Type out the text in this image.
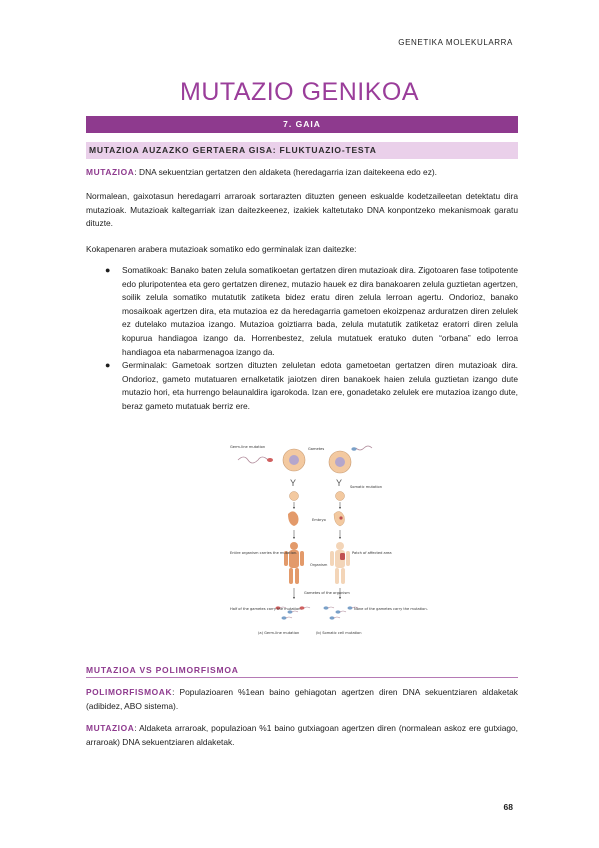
GENETIKA MOLEKULARRA
MUTAZIO GENIKOA
7. GAIA
MUTAZIOA AUZAZKO GERTAERA GISA: FLUKTUAZIO-TESTA
MUTAZIOA: DNA sekuentzian gertatzen den aldaketa (heredagarria izan daitekeena edo ez).
Normalean, gaixotasun heredagarri arraroak sortarazten dituzten geneen eskualde kodetzaileetan detektatu dira mutazioak. Mutazioak kaltegarriak izan daitezkeenez, izakiek kaltetutako DNA konpontzeko mekanismoak garatu dituzte.
Kokapenaren arabera mutazioak somatiko edo germinalak izan daitezke:
● Somatikoak: Banako baten zelula somatikoetan gertatzen diren mutazioak dira. Zigotoaren fase totipotente edo pluripotentea eta gero gertatzen direnez, mutazio hauek ez dira banakoaren zelula guztietan agertzen, soilik zelula somatiko mutatutik zatiketa bidez eratu diren zelula lerroan agertu. Ondorioz, banako mosaikoak agertzen dira, eta mutazioa ez da heredagarria gametoen ekoizpenaz arduratzen diren zelulek ez dutelako mutazioa izango. Mutazioa goiztiarra bada, zelula mutatutik zatiketaz eratorri diren zelula kopurua handiagoa izango da. Horrenbestez, zelula mutatuek eratuko duten “orbana” edo lerroa handiagoa eta nabarmenagoa izango da.
● Germinalak: Gametoak sortzen dituzten zeluletan edota gametoetan gertatzen diren mutazioak dira. Ondorioz, gameto mutatuaren ernalketatik jaiotzen diren banakoek haien zelula guztietan izango dute mutazio hori, eta hurrengo belaunaldira igarokoda. Izan ere, gonadetako zelulek ere mutazioa izango dute, beraz gameto mutatuak berriz ere.
Germ-line mutation	Gametes
Y	Y Somatic mutation
Embryo
Entire organism carries the mutation.
Organism
Patch of affected area
Gametes of the organism
Half of the gametes carry the mutation.	None of the gametes carry the mutation.
(a) Germ-line mutation	(b) Somatic cell mutation
MUTAZIOA VS POLIMORFISMOA
POLIMORFISMOAK: Populazioaren %1ean baino gehiagotan agertzen diren DNA sekuentziaren aldaketak (adibidez, ABO sistema).
MUTAZIOA: Aldaketa arraroak, populazioan %1 baino gutxiagoan agertzen diren (normalean askoz ere gutxiago, arraroak) DNA sekuentziaren aldaketak.
68
